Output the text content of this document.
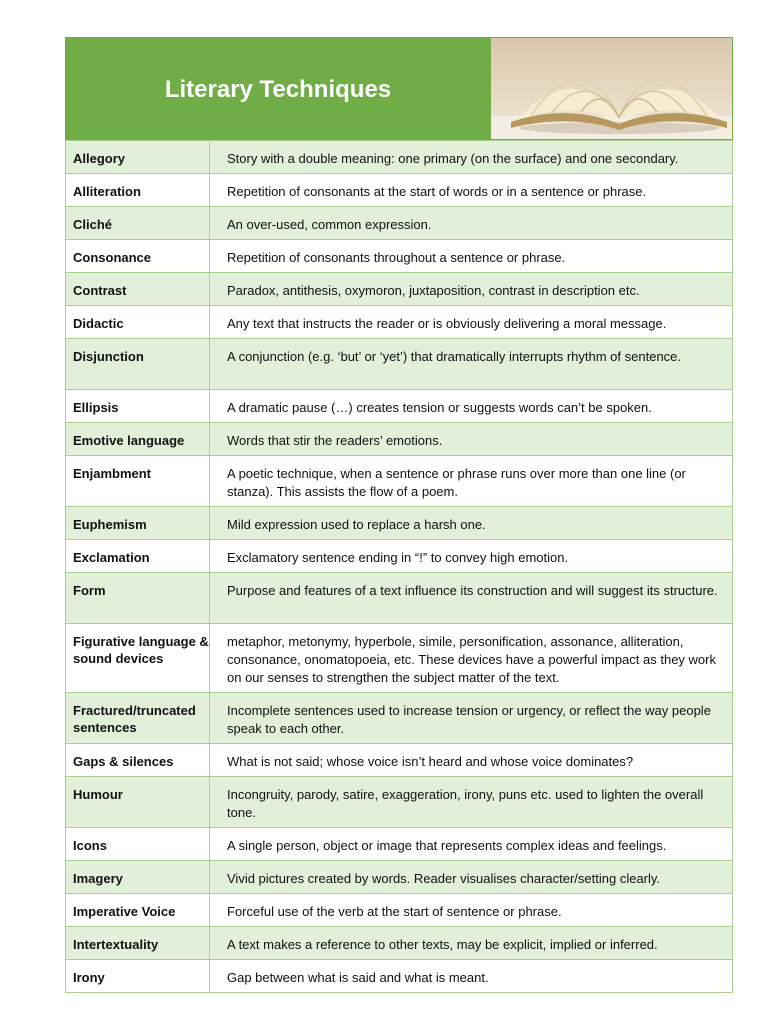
Literary Techniques
Allegory	Story with a double meaning: one primary (on the surface) and one secondary.

Alliteration	Repetition of consonants at the start of words or in a sentence or phrase.

Cliché	An over-used, common expression.

Consonance	Repetition of consonants throughout a sentence or phrase.

Contrast	Paradox, antithesis, oxymoron, juxtaposition, contrast in description etc.

Didactic	Any text that instructs the reader or is obviously delivering a moral message.

Disjunction	A conjunction (e.g. ‘but’ or ‘yet’) that dramatically interrupts rhythm of sentence.

Ellipsis	A dramatic pause (…) creates tension or suggests words can’t be spoken.

Emotive language	Words that stir the readers’ emotions.

Enjambment	A poetic technique, when a sentence or phrase runs over more than one line (or stanza). This assists the flow of a poem.

Euphemism	Mild expression used to replace a harsh one.

Exclamation	Exclamatory sentence ending in “!” to convey high emotion.

Form	Purpose and features of a text influence its construction and will suggest its structure.

Figurative language & sound devices	metaphor, metonymy, hyperbole, simile, personification, assonance, alliteration, consonance, onomatopoeia, etc. These devices have a powerful impact as they work on our senses to strengthen the subject matter of the text.

Fractured/truncated sentences	Incomplete sentences used to increase tension or urgency, or reflect the way people speak to each other.

Gaps & silences	What is not said; whose voice isn’t heard and whose voice dominates?

Humour	Incongruity, parody, satire, exaggeration, irony, puns etc. used to lighten the overall tone.

Icons	A single person, object or image that represents complex ideas and feelings.

Imagery	Vivid pictures created by words. Reader visualises character/setting clearly.

Imperative Voice	Forceful use of the verb at the start of sentence or phrase.

Intertextuality	A text makes a reference to other texts, may be explicit, implied or inferred.

Irony	Gap between what is said and what is meant.
